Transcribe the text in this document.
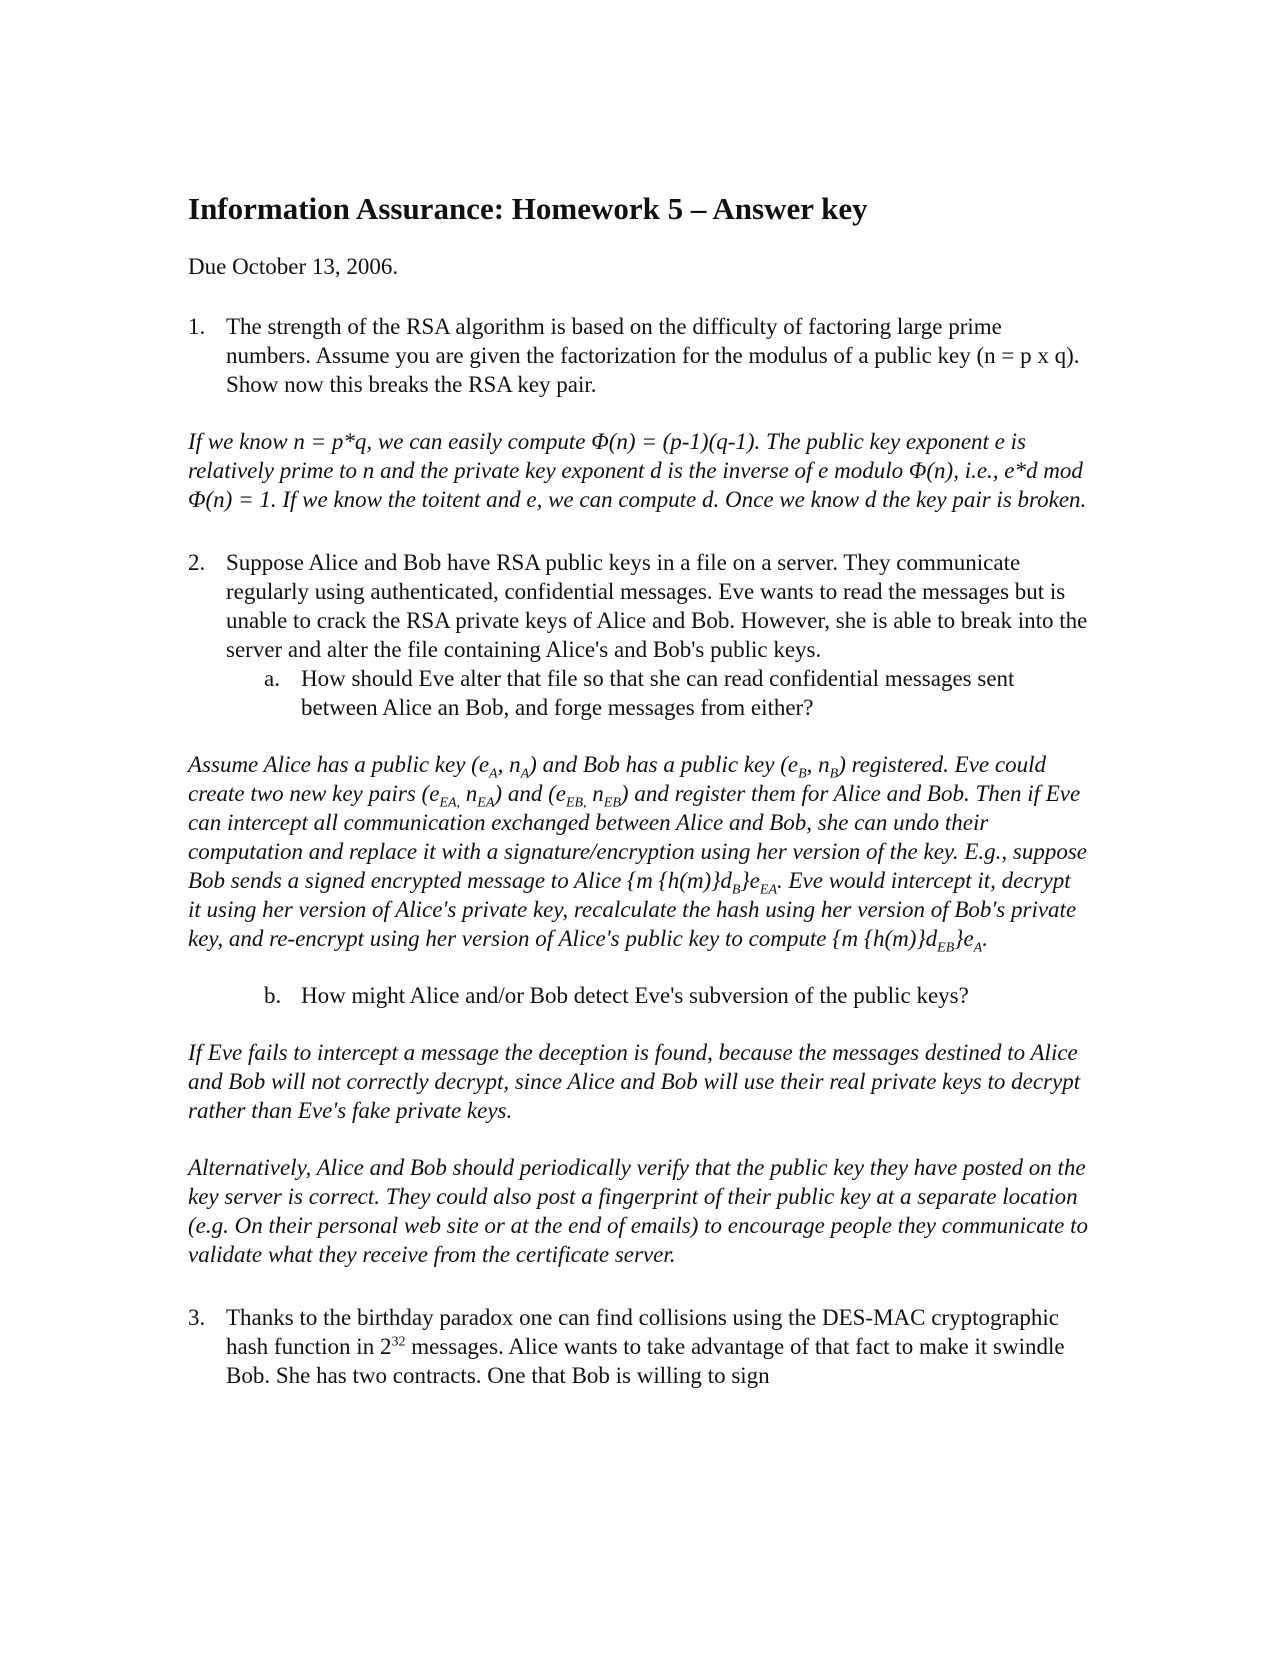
Information Assurance: Homework 5 – Answer key

Due October 13, 2006.

1. The strength of the RSA algorithm is based on the difficulty of factoring large prime numbers. Assume you are given the factorization for the modulus of a public key (n = p x q). Show now this breaks the RSA key pair.

If we know n = p*q, we can easily compute Φ(n) = (p-1)(q-1). The public key exponent e is relatively prime to n and the private key exponent d is the inverse of e modulo Φ(n), i.e., e*d mod Φ(n) = 1. If we know the toitent and e, we can compute d. Once we know d the key pair is broken.

2. Suppose Alice and Bob have RSA public keys in a file on a server. They communicate regularly using authenticated, confidential messages. Eve wants to read the messages but is unable to crack the RSA private keys of Alice and Bob. However, she is able to break into the server and alter the file containing Alice's and Bob's public keys.
a. How should Eve alter that file so that she can read confidential messages sent between Alice an Bob, and forge messages from either?

Assume Alice has a public key ($e_A$, $n_A$) and Bob has a public key ($e_B$, $n_B$) registered. Eve could create two new key pairs ($e_{EA,}$ $n_{EA}$) and ($e_{EB,}$ $n_{EB}$) and register them for Alice and Bob. Then if Eve can intercept all communication exchanged between Alice and Bob, she can undo their computation and replace it with a signature/encryption using her version of the key. E.g., suppose Bob sends a signed encrypted message to Alice {m $\{h(m)\}d_B\}e_{EA}$. Eve would intercept it, decrypt it using her version of Alice's private key, recalculate the hash using her version of Bob's private key, and re-encrypt using her version of Alice's public key to compute {m $\{h(m)\}d_{EB}\}e_A$.

b. How might Alice and/or Bob detect Eve's subversion of the public keys?

If Eve fails to intercept a message the deception is found, because the messages destined to Alice and Bob will not correctly decrypt, since Alice and Bob will use their real private keys to decrypt rather than Eve's fake private keys.

Alternatively, Alice and Bob should periodically verify that the public key they have posted on the key server is correct. They could also post a fingerprint of their public key at a separate location (e.g. On their personal web site or at the end of emails) to encourage people they communicate to validate what they receive from the certificate server.

3. Thanks to the birthday paradox one can find collisions using the DES-MAC cryptographic hash function in $2^{32}$ messages. Alice wants to take advantage of that fact to make it swindle Bob. She has two contracts. One that Bob is willing to sign
